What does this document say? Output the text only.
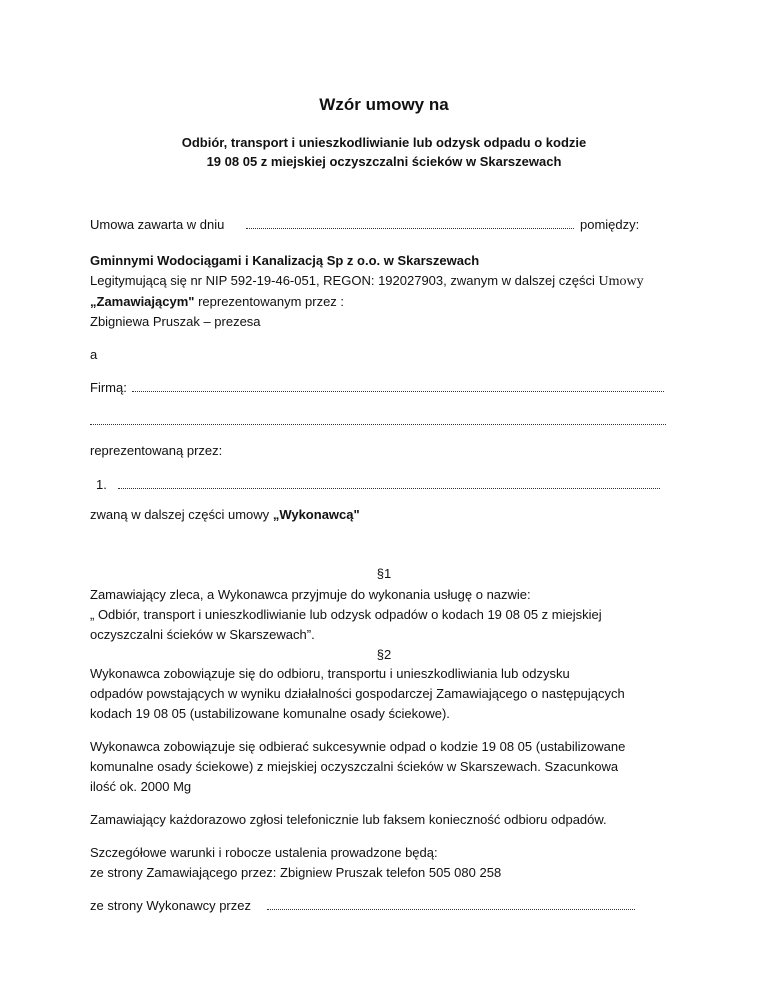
Wzór umowy na
Odbiór, transport i unieszkodliwianie lub odzysk odpadu o kodzie
19 08 05 z miejskiej oczyszczalni ścieków w Skarszewach
Umowa zawarta w dniu	pomiędzy:
Gminnymi Wodociągami i Kanalizacją Sp z o.o. w Skarszewach
Legitymującą się nr NIP 592-19-46-051, REGON: 192027903, zwanym w dalszej części Umowy
„Zamawiającym" reprezentowanym przez :
Zbigniewa Pruszak – prezesa
a
Firmą:
reprezentowaną przez:
1.
zwaną w dalszej części umowy „Wykonawcą"
§1
Zamawiający zleca, a Wykonawca przyjmuje do wykonania usługę o nazwie:
„ Odbiór, transport i unieszkodliwianie lub odzysk odpadów o kodach 19 08 05 z miejskiej
oczyszczalni ścieków w Skarszewach”.
§2
Wykonawca zobowiązuje się do odbioru, transportu i unieszkodliwiania lub odzysku
odpadów powstających w wyniku działalności gospodarczej Zamawiającego o następujących
kodach 19 08 05 (ustabilizowane komunalne osady ściekowe).
Wykonawca zobowiązuje się odbierać sukcesywnie odpad o kodzie 19 08 05 (ustabilizowane
komunalne osady ściekowe) z miejskiej oczyszczalni ścieków w Skarszewach. Szacunkowa
ilość ok. 2000 Mg
Zamawiający każdorazowo zgłosi telefonicznie lub faksem konieczność odbioru odpadów.
Szczegółowe warunki i robocze ustalenia prowadzone będą:
ze strony Zamawiającego przez: Zbigniew Pruszak telefon 505 080 258
ze strony Wykonawcy przez
